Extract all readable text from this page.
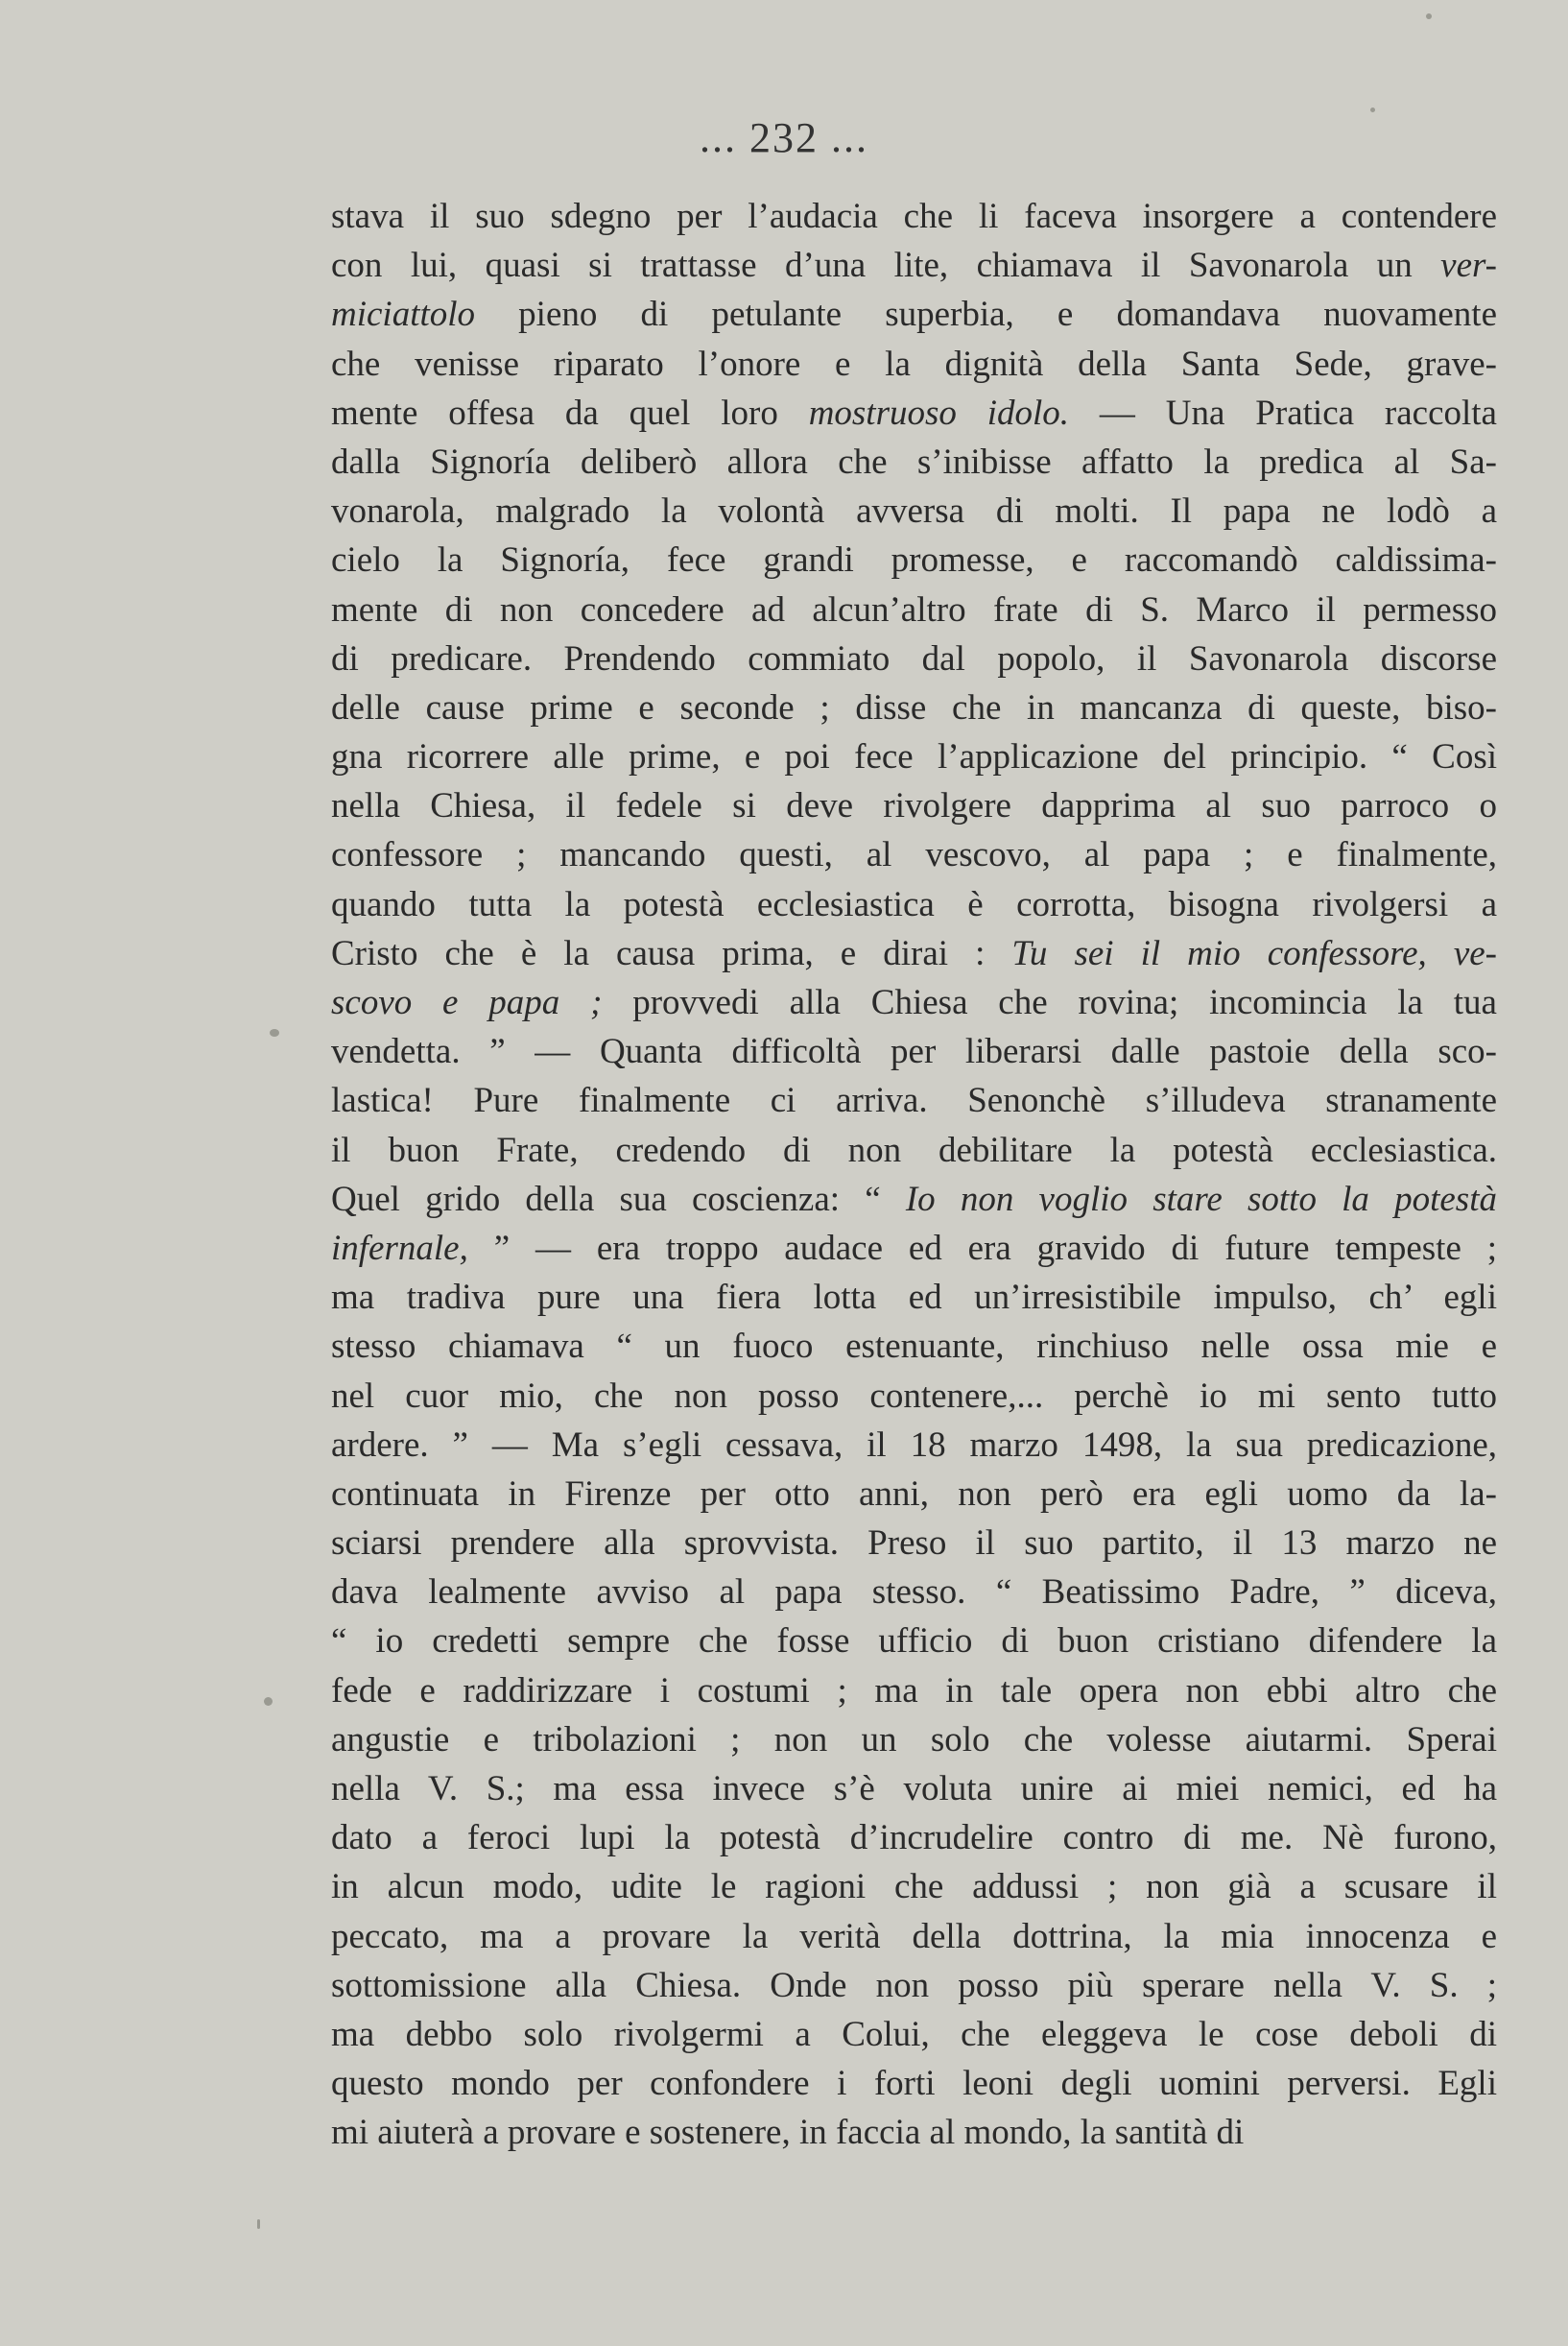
... 232 ...
stava il suo sdegno per l’audacia che li faceva insorgere a contendere
con lui, quasi si trattasse d’una lite, chiamava il Savonarola un ver-
miciattolo pieno di petulante superbia, e domandava nuovamente
che venisse riparato l’onore e la dignità della Santa Sede, grave-
mente offesa da quel loro mostruoso idolo. — Una Pratica raccolta
dalla Signoría deliberò allora che s’inibisse affatto la predica al Sa-
vonarola, malgrado la volontà avversa di molti. Il papa ne lodò a
cielo la Signoría, fece grandi promesse, e raccomandò caldissima-
mente di non concedere ad alcun’altro frate di S. Marco il permesso
di predicare. Prendendo commiato dal popolo, il Savonarola discorse
delle cause prime e seconde ; disse che in mancanza di queste, biso-
gna ricorrere alle prime, e poi fece l’applicazione del principio. “ Così
nella Chiesa, il fedele si deve rivolgere dapprima al suo parroco o
confessore ; mancando questi, al vescovo, al papa ; e finalmente,
quando tutta la potestà ecclesiastica è corrotta, bisogna rivolgersi a
Cristo che è la causa prima, e dirai : Tu sei il mio confessore, ve-
scovo e papa ; provvedi alla Chiesa che rovina; incomincia la tua
vendetta. ” — Quanta difficoltà per liberarsi dalle pastoie della sco-
lastica! Pure finalmente ci arriva. Senonchè s’illudeva stranamente
il buon Frate, credendo di non debilitare la potestà ecclesiastica.
Quel grido della sua coscienza: “ Io non voglio stare sotto la potestà
infernale, ” — era troppo audace ed era gravido di future tempeste ;
ma tradiva pure una fiera lotta ed un’irresistibile impulso, ch’ egli
stesso chiamava “ un fuoco estenuante, rinchiuso nelle ossa mie e
nel cuor mio, che non posso contenere,... perchè io mi sento tutto
ardere. ” — Ma s’egli cessava, il 18 marzo 1498, la sua predicazione,
continuata in Firenze per otto anni, non però era egli uomo da la-
sciarsi prendere alla sprovvista. Preso il suo partito, il 13 marzo ne
dava lealmente avviso al papa stesso. “ Beatissimo Padre, ” diceva,
“ io credetti sempre che fosse ufficio di buon cristiano difendere la
fede e raddirizzare i costumi ; ma in tale opera non ebbi altro che
angustie e tribolazioni ; non un solo che volesse aiutarmi. Sperai
nella V. S.; ma essa invece s’è voluta unire ai miei nemici, ed ha
dato a feroci lupi la potestà d’incrudelire contro di me. Nè furono,
in alcun modo, udite le ragioni che addussi ; non già a scusare il
peccato, ma a provare la verità della dottrina, la mia innocenza e
sottomissione alla Chiesa. Onde non posso più sperare nella V. S. ;
ma debbo solo rivolgermi a Colui, che eleggeva le cose deboli di
questo mondo per confondere i forti leoni degli uomini perversi. Egli
mi aiuterà a provare e sostenere, in faccia al mondo, la santità di
